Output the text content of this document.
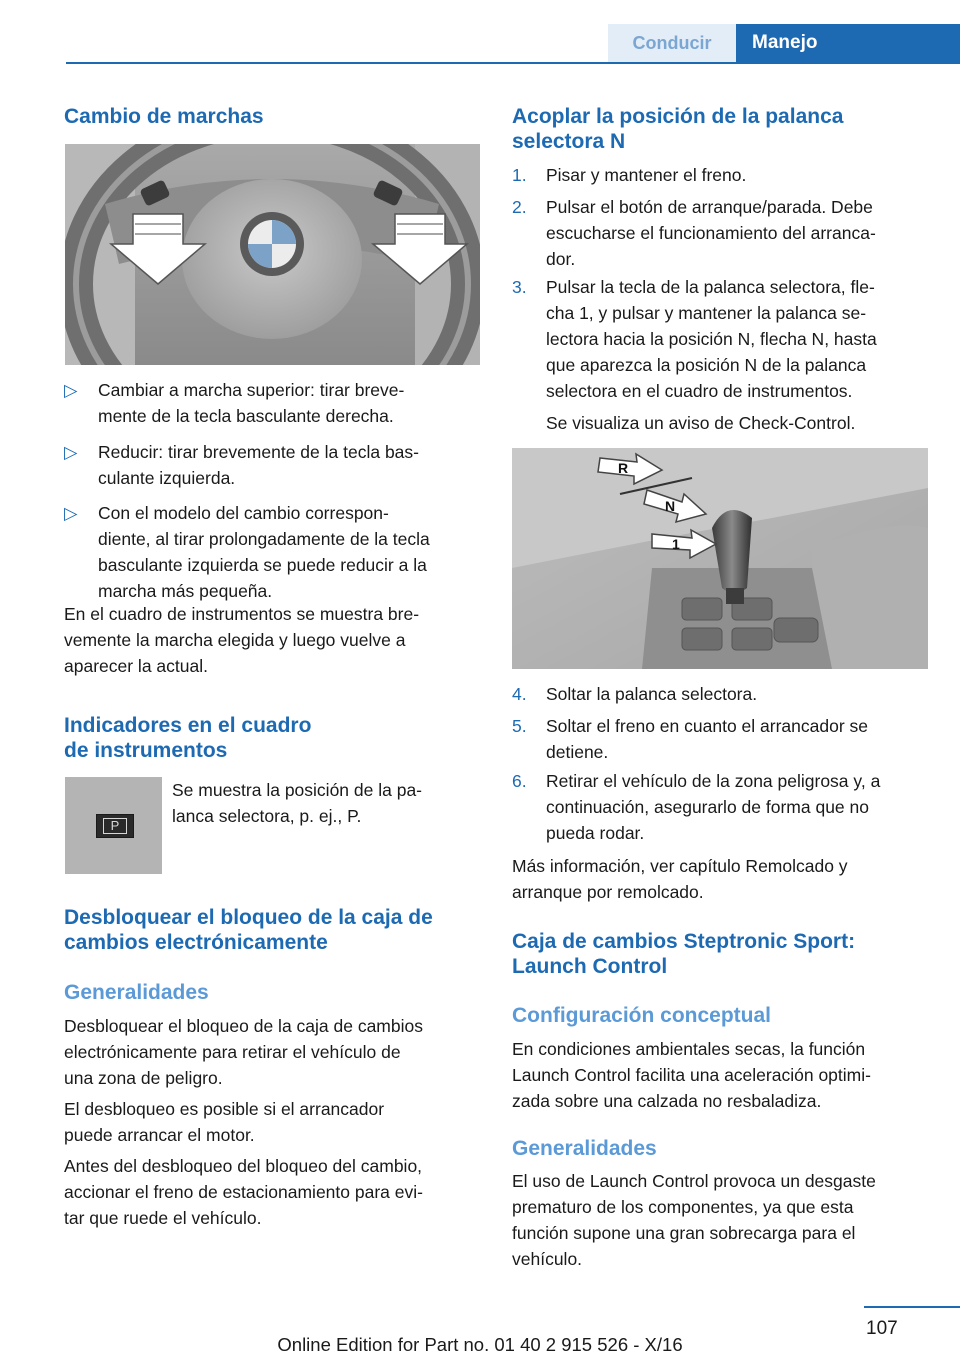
Conducir	Manejo
Cambio de marchas
▷ Cambiar a marcha superior: tirar breve-
mente de la tecla basculante derecha.
▷ Reducir: tirar brevemente de la tecla bas-
culante izquierda.
▷ Con el modelo del cambio correspon-
diente, al tirar prolongadamente de la tecla
basculante izquierda se puede reducir a la
marcha más pequeña.

En el cuadro de instrumentos se muestra bre-
vemente la marcha elegida y luego vuelve a
aparecer la actual.

Indicadores en el cuadro
de instrumentos
P

Se muestra la posición de la pa-
lanca selectora, p. ej., P.

Desbloquear el bloqueo de la caja de
cambios electrónicamente
Generalidades

Desbloquear el bloqueo de la caja de cambios
electrónicamente para retirar el vehículo de
una zona de peligro.

El desbloqueo es posible si el arrancador
puede arrancar el motor.

Antes del desbloqueo del bloqueo del cambio,
accionar el freno de estacionamiento para evi-
tar que ruede el vehículo.

Acoplar la posición de la palanca
selectora N
1. Pisar y mantener el freno.
2. Pulsar el botón de arranque/parada. Debe
escucharse el funcionamiento del arranca-
dor.
3. Pulsar la tecla de la palanca selectora, fle-
cha 1, y pulsar y mantener la palanca se-
lectora hacia la posición N, flecha N, hasta
que aparezca la posición N de la palanca
selectora en el cuadro de instrumentos.

Se visualiza un aviso de Check-Control.

R
N
1
4. Soltar la palanca selectora.
5. Soltar el freno en cuanto el arrancador se
detiene.
6. Retirar el vehículo de la zona peligrosa y, a
continuación, asegurarlo de forma que no
pueda rodar.

Más información, ver capítulo Remolcado y
arranque por remolcado.

Caja de cambios Steptronic Sport:
Launch Control
Configuración conceptual

En condiciones ambientales secas, la función
Launch Control facilita una aceleración optimi-
zada sobre una calzada no resbaladiza.

Generalidades

El uso de Launch Control provoca un desgaste
prematuro de los componentes, ya que esta
función supone una gran sobrecarga para el
vehículo.

107
Online Edition for Part no. 01 40 2 915 526 - X/16
